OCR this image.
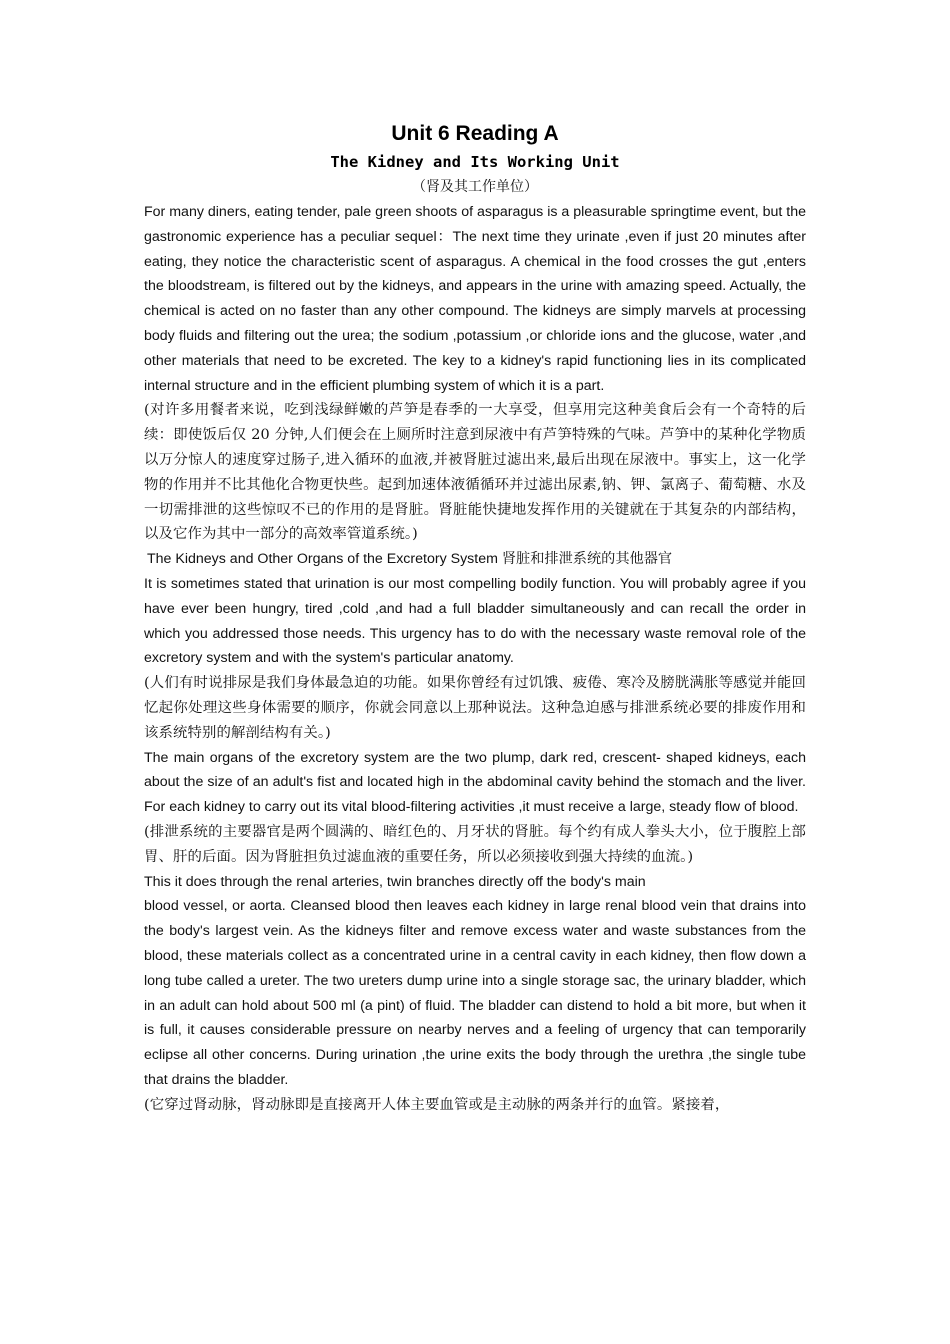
Unit 6 Reading A
The Kidney and Its Working Unit

（肾及其工作单位）

For many diners, eating tender, pale green shoots of asparagus is a pleasurable springtime event, but the gastronomic experience has a peculiar sequel：The next time they urinate ,even if just 20 minutes after eating, they notice the characteristic scent of asparagus. A chemical in the food crosses the gut ,enters the bloodstream, is filtered out by the kidneys, and appears in the urine with amazing speed. Actually, the chemical is acted on no faster than any other compound. The kidneys are simply marvels at processing body fluids and filtering out the urea; the sodium ,potassium ,or chloride ions and the glucose, water ,and other materials that need to be excreted. The key to a kidney's rapid functioning lies in its complicated internal structure and in the efficient plumbing system of which it is a part.

(对许多用餐者来说，吃到浅绿鲜嫩的芦笋是春季的一大享受，但享用完这种美食后会有一个奇特的后续：即使饭后仅 20 分钟,人们便会在上厕所时注意到尿液中有芦笋特殊的气味。芦笋中的某种化学物质以万分惊人的速度穿过肠子,进入循环的血液,并被肾脏过滤出来,最后出现在尿液中。事实上，这一化学物的作用并不比其他化合物更快些。起到加速体液循循环并过滤出尿素,钠、钾、氯离子、葡萄糖、水及一切需排泄的这些惊叹不已的作用的是肾脏。肾脏能快捷地发挥作用的关键就在于其复杂的内部结构，以及它作为其中一部分的高效率管道系统。)

The Kidneys and Other Organs of the Excretory System 肾脏和排泄系统的其他器官

It is sometimes stated that urination is our most compelling bodily function. You will probably agree if you have ever been hungry, tired ,cold ,and had a full bladder simultaneously and can recall the order in which you addressed those needs. This urgency has to do with the necessary waste removal role of the excretory system and with the system's particular anatomy.

(人们有时说排尿是我们身体最急迫的功能。如果你曾经有过饥饿、疲倦、寒冷及膀胱满胀等感觉并能回忆起你处理这些身体需要的顺序，你就会同意以上那种说法。这种急迫感与排泄系统必要的排废作用和该系统特别的解剖结构有关。)

The main organs of the excretory system are the two plump, dark red, crescent- shaped kidneys, each about the size of an adult's fist and located high in the abdominal cavity behind the stomach and the liver. For each kidney to carry out its vital blood-filtering activities ,it must receive a large, steady flow of blood.

(排泄系统的主要器官是两个圆满的、暗红色的、月牙状的肾脏。每个约有成人拳头大小，位于腹腔上部胃、肝的后面。因为肾脏担负过滤血液的重要任务，所以必须接收到强大持续的血流。)

This it does through the renal arteries, twin branches directly off the body's main

blood vessel, or aorta. Cleansed blood then leaves each kidney in large renal blood vein that drains into the body's largest vein. As the kidneys filter and remove excess water and waste substances from the blood, these materials collect as a concentrated urine in a central cavity in each kidney, then flow down a long tube called a ureter. The two ureters dump urine into a single storage sac, the urinary bladder, which in an adult can hold about 500 ml (a pint) of fluid. The bladder can distend to hold a bit more, but when it is full, it causes considerable pressure on nearby nerves and a feeling of urgency that can temporarily eclipse all other concerns. During urination ,the urine exits the body through the urethra ,the single tube that drains the bladder.

(它穿过肾动脉，肾动脉即是直接离开人体主要血管或是主动脉的两条并行的血管。紧接着，
